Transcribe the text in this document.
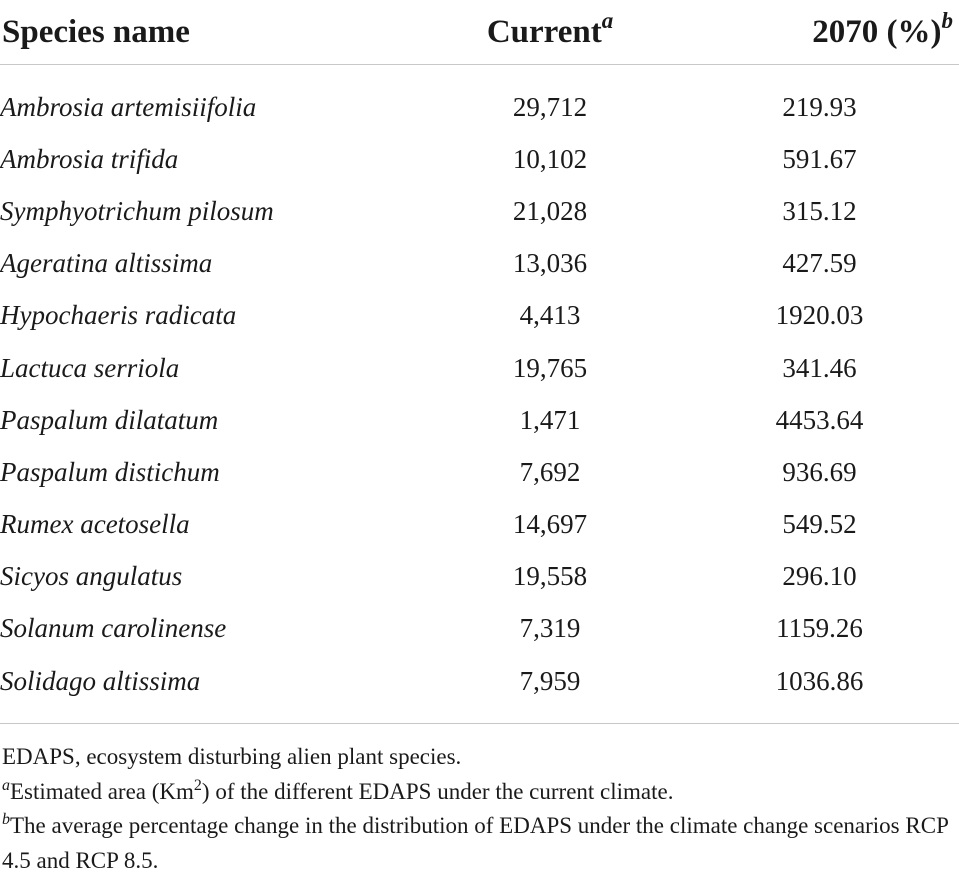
Species name	Current$^a$	2070 (%)$^b$

Ambrosia artemisiifolia	29,712	219.93
Ambrosia trifida	10,102	591.67
Symphyotrichum pilosum	21,028	315.12
Ageratina altissima	13,036	427.59
Hypochaeris radicata	4,413	1920.03
Lactuca serriola	19,765	341.46
Paspalum dilatatum	1,471	4453.64
Paspalum distichum	7,692	936.69
Rumex acetosella	14,697	549.52
Sicyos angulatus	19,558	296.10
Solanum carolinense	7,319	1159.26
Solidago altissima	7,959	1036.86

EDAPS, ecosystem disturbing alien plant species.

$^a$Estimated area (Km$^2$) of the different EDAPS under the current climate.

$^b$The average percentage change in the distribution of EDAPS under the climate change scenarios RCP 4.5 and RCP 8.5.
